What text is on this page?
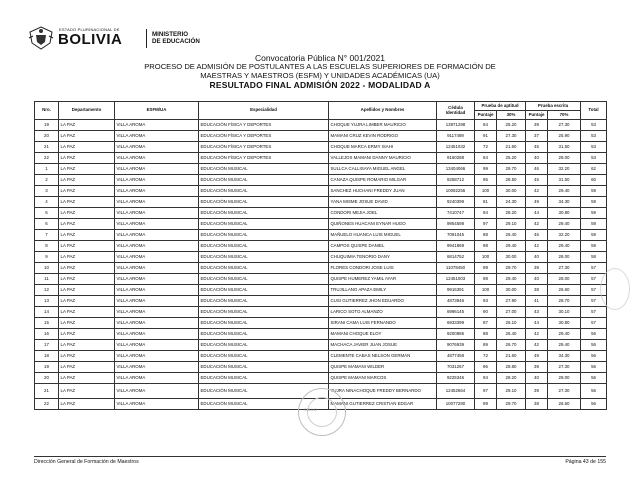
ESTADO PLURINACIONAL DE
BOLIVIA	MINISTERIO
DE EDUCACIÓN
Convocatoria Pública N° 001/2021
PROCESO DE ADMISIÓN DE POSTULANTES A LAS ESCUELAS SUPERIORES DE FORMACIÓN DE
MAESTRAS Y MAESTROS (ESFM) Y UNIDADES ACADÉMICAS (UA)
RESULTADO FINAL ADMISIÓN 2022 - MODALIDAD A
Nro.	Departamento	ESFM/UA	Especialidad	Apellidos y Nombres	Cédula Identidad	Prueba de aptitud		Prueba escrita		Total
						Puntaje	30%	Puntaje	70%	
19	LA PAZ	VILLA AROMA	EDUCACIÓN FÍSICA Y DEPORTES	CHOQUE YUJRA LIMBER MAURICIO	13971298	84	25.20	39	27.30	53
20	LA PAZ	VILLA AROMA	EDUCACIÓN FÍSICA Y DEPORTES	MAMANI CRUZ KEVIN RODRIGO	9117489	91	27.30	37	25.90	53
21	LA PAZ	VILLA AROMA	EDUCACIÓN FÍSICA Y DEPORTES	CHOQUE MARCA ERMY ISAHI	12451032	72	21.60	45	31.50	53
22	LA PAZ	VILLA AROMA	EDUCACIÓN FÍSICA Y DEPORTES	VALLEJOS MAMANI DANNY MAURICIO	9160288	84	25.20	40	28.00	53
1	LA PAZ	VILLA AROMA	EDUCACIÓN MUSICAL	SULLCA CALLISAYA MIGUEL ANGEL	13404066	99	29.70	46	32.20	62
2	LA PAZ	VILLA AROMA	EDUCACIÓN MUSICAL	CANAZA QUISPE ROMARIO MILGAR	9258712	95	28.50	45	31.50	60
3	LA PAZ	VILLA AROMA	EDUCACIÓN MUSICAL	SANCHEZ HUCHANI FREDDY JUAN	10092255	100	30.00	42	29.40	59
4	LA PAZ	VILLA AROMA	EDUCACIÓN MUSICAL	YANA MISME JOSUE DAVID	9240399	81	24.30	49	34.30	59
5	LA PAZ	VILLA AROMA	EDUCACIÓN MUSICAL	CONDORI MEJIA JOEL	7410747	94	28.20	44	30.80	59
6	LA PAZ	VILLA AROMA	EDUCACIÓN MUSICAL	QUIÑONES HUACANI EYNAR HUGO	9954598	97	29.10	42	29.40	59
7	LA PAZ	VILLA AROMA	EDUCACIÓN MUSICAL	MAÑUELO HUANCA LUIS MIGUEL	7091045	88	26.40	46	32.20	59
8	LA PAZ	VILLA AROMA	EDUCACIÓN MUSICAL	CAMPOS QUISPE DANIEL	9941869	98	29.40	42	29.40	59
9	LA PAZ	VILLA AROMA	EDUCACIÓN MUSICAL	CHUQUIMIA TENORIO DANY	6814752	100	30.00	40	28.00	58
10	LA PAZ	VILLA AROMA	EDUCACIÓN MUSICAL	FLORES CONDORI JOSE LUIS	11078450	99	29.70	39	27.30	57
11	LA PAZ	VILLA AROMA	EDUCACIÓN MUSICAL	QUISPE HUMEREZ YAMIL AYAR	12451003	98	29.40	40	28.00	57
12	LA PAZ	VILLA AROMA	EDUCACIÓN MUSICAL	TRUJILLANO APAZA EMILY	9916391	100	30.00	38	26.60	57
13	LA PAZ	VILLA AROMA	EDUCACIÓN MUSICAL	CUSI GUTIERREZ JHON EDUARDO	4873946	93	27.90	41	28.70	57
14	LA PAZ	VILLA AROMA	EDUCACIÓN MUSICAL	LARICO SOTO ALMANZO	6996145	90	27.00	43	30.10	57
15	LA PAZ	VILLA AROMA	EDUCACIÓN MUSICAL	SIRANI CAMA LUIS FERNANDO	6933399	87	26.10	44	30.80	57
16	LA PAZ	VILLA AROMA	EDUCACIÓN MUSICAL	MAMANI CHOQUE ELOY	9200886	88	26.40	42	29.40	56
17	LA PAZ	VILLA AROMA	EDUCACIÓN MUSICAL	MACHACA JAVIER JUAN JOSUE	9076939	89	26.70	42	29.40	56
18	LA PAZ	VILLA AROMA	EDUCACIÓN MUSICAL	CLEMENTE CABAS NELSON GERMAN	4877458	72	21.60	49	34.30	56
19	LA PAZ	VILLA AROMA	EDUCACIÓN MUSICAL	QUISPE MAMANI WILDER	7031267	96	28.80	39	27.30	56
20	LA PAZ	VILLA AROMA	EDUCACIÓN MUSICAL	QUISPE MAMANI MARCOS	9225346	94	28.20	40	28.00	56
21	LA PAZ	VILLA AROMA	EDUCACIÓN MUSICAL	YUJRA NINACHOQUE FREDDY BERNARDO	12452664	97	29.10	39	27.30	56
22	LA PAZ	VILLA AROMA	EDUCACIÓN MUSICAL	MAMANI GUTIERREZ CRISTIAN EDGAR	10077280	99	29.70	38	26.60	56
SELLO
Dirección General de Formación de Maestros	Página 43 de 155
